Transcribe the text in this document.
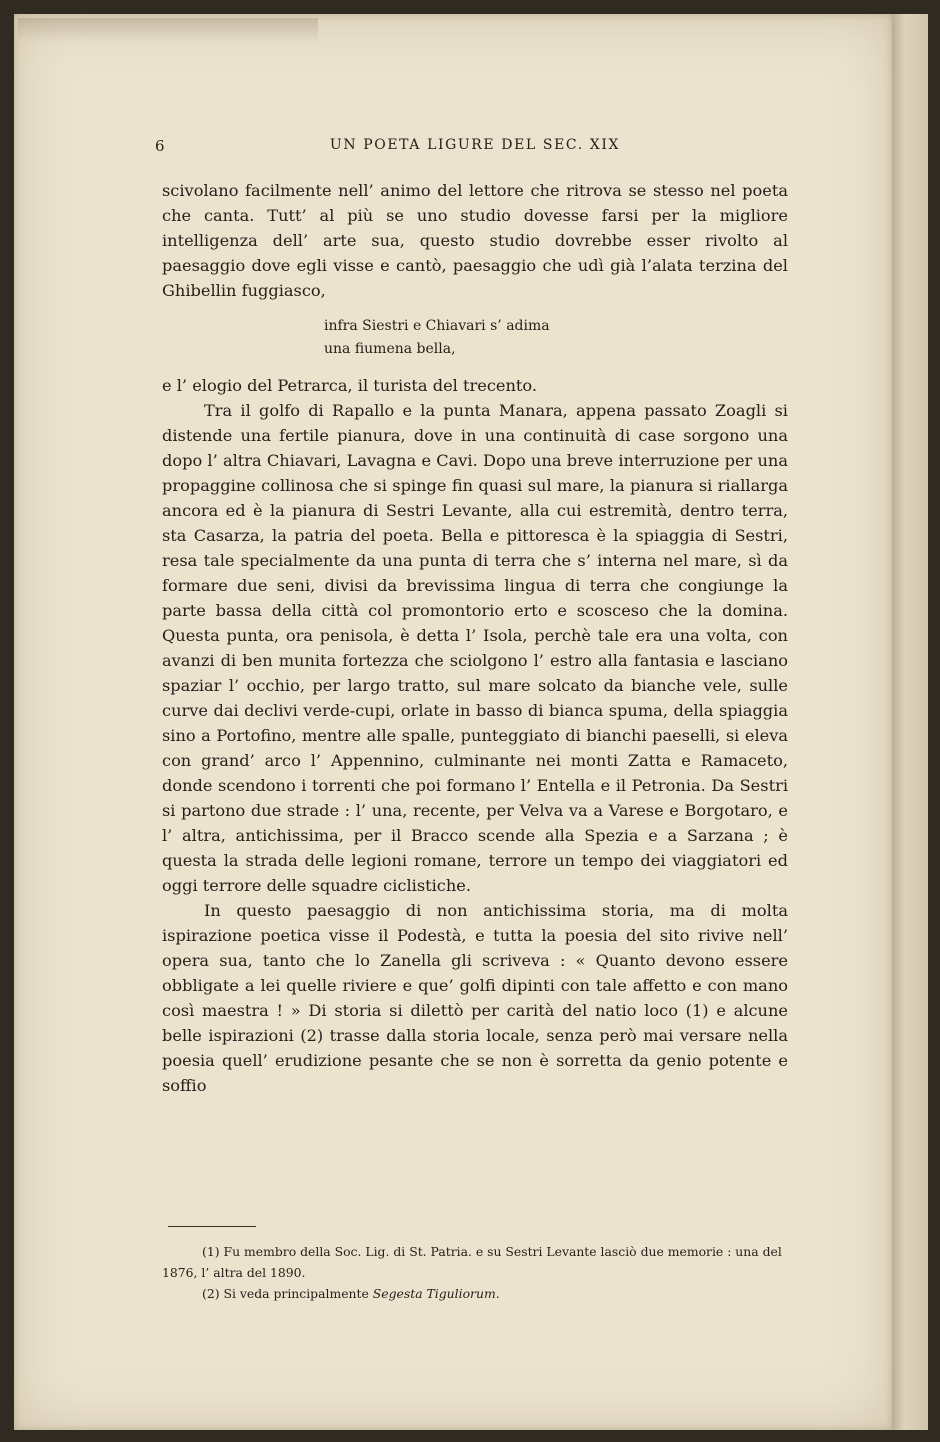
6	UN POETA LIGURE DEL SEC. XIX

scivolano facilmente nell’ animo del lettore che ritrova se stesso nel poeta che canta. Tutt’ al più se uno studio dovesse farsi per la migliore intelligenza dell’ arte sua, questo studio dovrebbe esser rivolto al paesaggio dove egli visse e cantò, paesaggio che udì già l’alata terzina del Ghibellin fuggiasco,

infra Siestri e Chiavari s’ adima
una fiumena bella,

e l’ elogio del Petrarca, il turista del trecento.

Tra il golfo di Rapallo e la punta Manara, appena passato Zoagli si distende una fertile pianura, dove in una continuità di case sorgono una dopo l’ altra Chiavari, Lavagna e Cavi. Dopo una breve interruzione per una propaggine collinosa che si spinge fin quasi sul mare, la pianura si riallarga ancora ed è la pianura di Sestri Levante, alla cui estremità, dentro terra, sta Casarza, la patria del poeta. Bella e pittoresca è la spiaggia di Sestri, resa tale specialmente da una punta di terra che s’ interna nel mare, sì da formare due seni, divisi da brevissima lingua di terra che congiunge la parte bassa della città col promontorio erto e scosceso che la domina. Questa punta, ora penisola, è detta l’ Isola, perchè tale era una volta, con avanzi di ben munita fortezza che sciolgono l’ estro alla fantasia e lasciano spaziar l’ occhio, per largo tratto, sul mare solcato da bianche vele, sulle curve dai declivi verde-cupi, orlate in basso di bianca spuma, della spiaggia sino a Portofino, mentre alle spalle, punteggiato di bianchi paeselli, si eleva con grand’ arco l’ Appennino, culminante nei monti Zatta e Ramaceto, donde scendono i torrenti che poi formano l’ Entella e il Petronia. Da Sestri si partono due strade : l’ una, recente, per Velva va a Varese e Borgotaro, e l’ altra, antichissima, per il Bracco scende alla Spezia e a Sarzana ; è questa la strada delle legioni romane, terrore un tempo dei viaggiatori ed oggi terrore delle squadre ciclistiche.

In questo paesaggio di non antichissima storia, ma di molta ispirazione poetica visse il Podestà, e tutta la poesia del sito rivive nell’ opera sua, tanto che lo Zanella gli scriveva : « Quanto devono essere obbligate a lei quelle riviere e que’ golfi dipinti con tale affetto e con mano così maestra ! » Di storia si dilettò per carità del natio loco (1) e alcune belle ispirazioni (2) trasse dalla storia locale, senza però mai versare nella poesia quell’ erudizione pesante che se non è sorretta da genio potente e soffio

(1) Fu membro della Soc. Lig. di St. Patria. e su Sestri Levante lasciò due memorie : una del 1876, l’ altra del 1890.

(2) Si veda principalmente Segesta Tiguliorum.
